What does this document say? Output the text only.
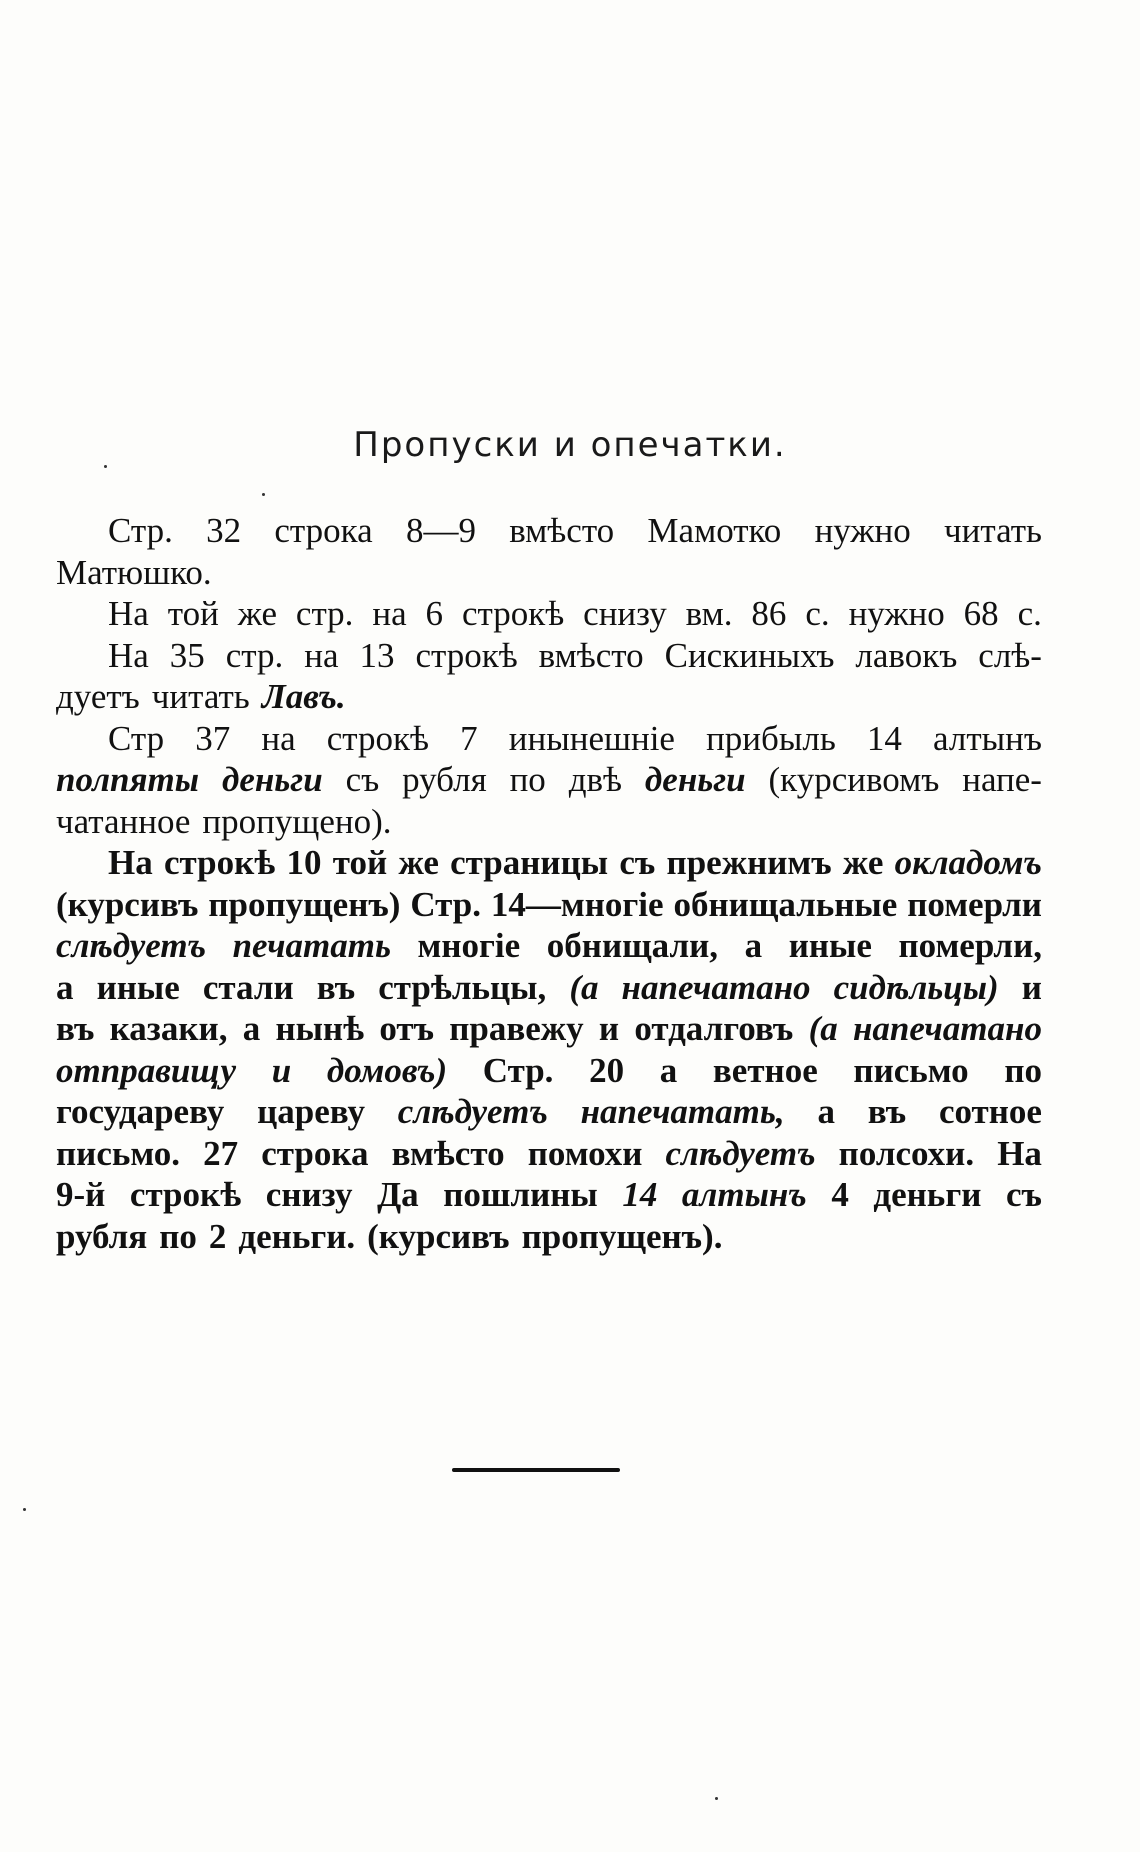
Пропуски и опечатки.
Стр. 32 строка 8—9 вмѣсто Мамотко нужно читать
Матюшко.
На той же стр. на 6 строкѣ снизу вм. 86 с. нужно 68 с.
На 35 стр. на 13 строкѣ вмѣсто Сискиныхъ лавокъ слѣ-
дуетъ читать Лавъ.
Стр 37 на строкѣ 7 инынешніе прибыль 14 алтынъ
полпяты деньги съ рубля по двѣ деньги (курсивомъ напе-
чатанное пропущено).
На строкѣ 10 той же страницы съ прежнимъ же окладомъ
(курсивъ пропущенъ) Стр. 14—многіе обнищальные померли
слѣдуетъ печатать многіе обнищали, а иные померли,
а иные стали въ стрѣльцы, (а напечатано сидѣльцы) и
въ казаки, а нынѣ отъ правежу и отдалговъ (а напечатано
отправищу и домовъ) Стр. 20 а ветное письмо по
государеву цареву слѣдуетъ напечатать, а въ сотное
письмо. 27 строка вмѣсто помохи слѣдуетъ полсохи. На
9-й строкѣ снизу Да пошлины 14 алтынъ 4 деньги съ
рубля по 2 деньги. (курсивъ пропущенъ).
